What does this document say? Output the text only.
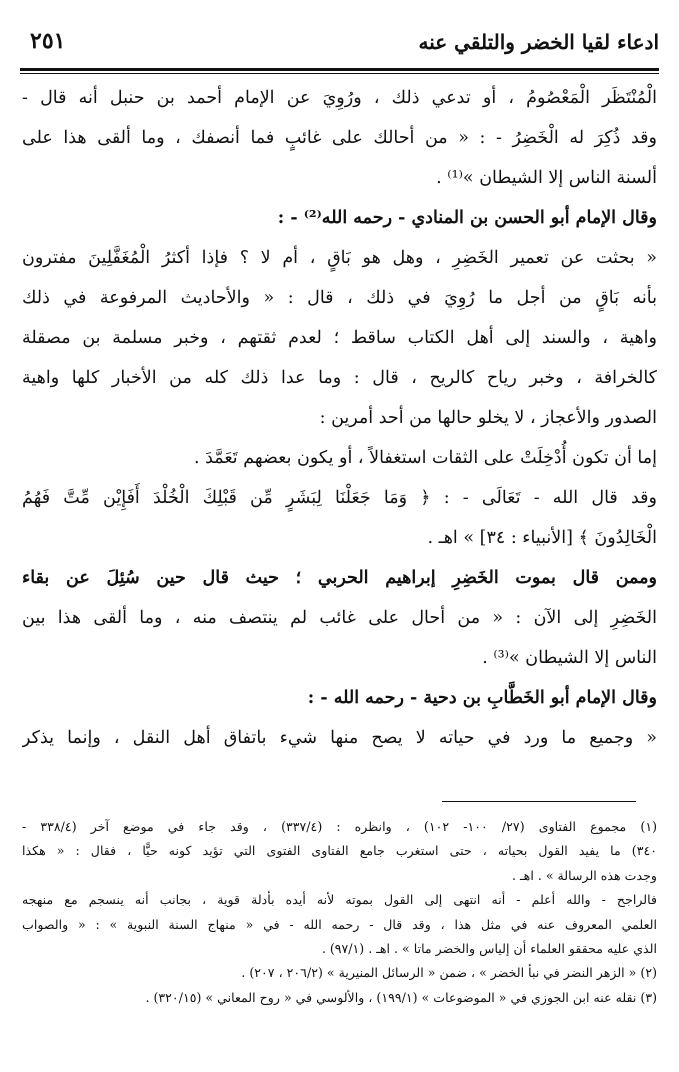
ادعاء لقيا الخضر والتلقي عنه
٢٥١
الْمُنْتَظَر الْمَعْصُومُ ، أو تدعي ذلك ، ورُوِيَ عن الإمام أحمد بن حنبل أنه قال -
وقد ذُكِرَ له الْخَضِرُ - : « من أحالك على غائبٍ فما أنصفك ، وما ألقى هذا على
ألسنة الناس إلا الشيطان »⁽¹⁾ .
وقال الإمام أبو الحسن بن المنادي - رحمه الله⁽²⁾ - :
« بحثت عن تعمير الخَضِرِ ، وهل هو بَاقٍ ، أم لا ؟ فإذا أكثرُ الْمُغَفَّلِينَ مفترون
بأنه بَاقٍ من أجل ما رُوِيَ في ذلك ، قال : « والأحاديث المرفوعة في ذلك
واهية ، والسند إلى أهل الكتاب ساقط ؛ لعدم ثقتهم ، وخبر مسلمة بن مصقلة
كالخرافة ، وخبر رياح كالريح ، قال : وما عدا ذلك كله من الأخبار كلها واهية
الصدور والأعجاز ، لا يخلو حالها من أحد أمرين :
إما أن تكون أُدْخِلَتْ على الثقات استغفالاً ، أو يكون بعضهم تَعَمَّدَ .
وقد قال الله - تَعَالَى - : ﴿ وَمَا جَعَلْنَا لِبَشَرٍ مِّن قَبْلِكَ الْخُلْدَ أَفَإِيْن مِّتَّ فَهُمُ
الْخَالِدُونَ ﴾ [الأنبياء : ٣٤] » اهـ .
وممن قال بموت الخَضِرِ إبراهيم الحربي ؛ حيث قال حين سُئِلَ عن بقاء
الخَضِرِ إلى الآن : « من أحال على غائب لم ينتصف منه ، وما ألقى هذا بين
الناس إلا الشيطان »⁽³⁾ .
وقال الإمام أبو الخَطَّابِ بن دحية - رحمه الله - :
« وجميع ما ورد في حياته لا يصح منها شيء باتفاق أهل النقل ، وإنما يذكر
(١) مجموع الفتاوى (٢٧/ ١٠٠- ١٠٢) ، وانظره : (٣٣٧/٤) ، وقد جاء في موضع آخر (٣٣٨/٤ -
٣٤٠) ما يفيد القول بحياته ، حتى استغرب جامع الفتاوى الفتوى التي تؤيد كونه حيًّا ، فقال : « هكذا
وجدت هذه الرسالة » . اهـ .
فالراجح - والله أعلم - أنه انتهى إلى القول بموته لأنه أيده بأدلة قوية ، بجانب أنه ينسجم مع منهجه
العلمي المعروف عنه في مثل هذا ، وقد قال - رحمه الله - في « منهاج السنة النبوية » : « والصواب
الذي عليه محققو العلماء أن إلياس والخضر ماتا » . اهـ . (٩٧/١) .
(٢) « الزهر النضر في نبأ الخضر » ، ضمن « الرسائل المنيرية » (٢٠٦/٢ ، ٢٠٧) .
(٣) نقله عنه ابن الجوزي في « الموضوعات » (١٩٩/١) ، والألوسي في « روح المعاني » (٣٢٠/١٥) .
